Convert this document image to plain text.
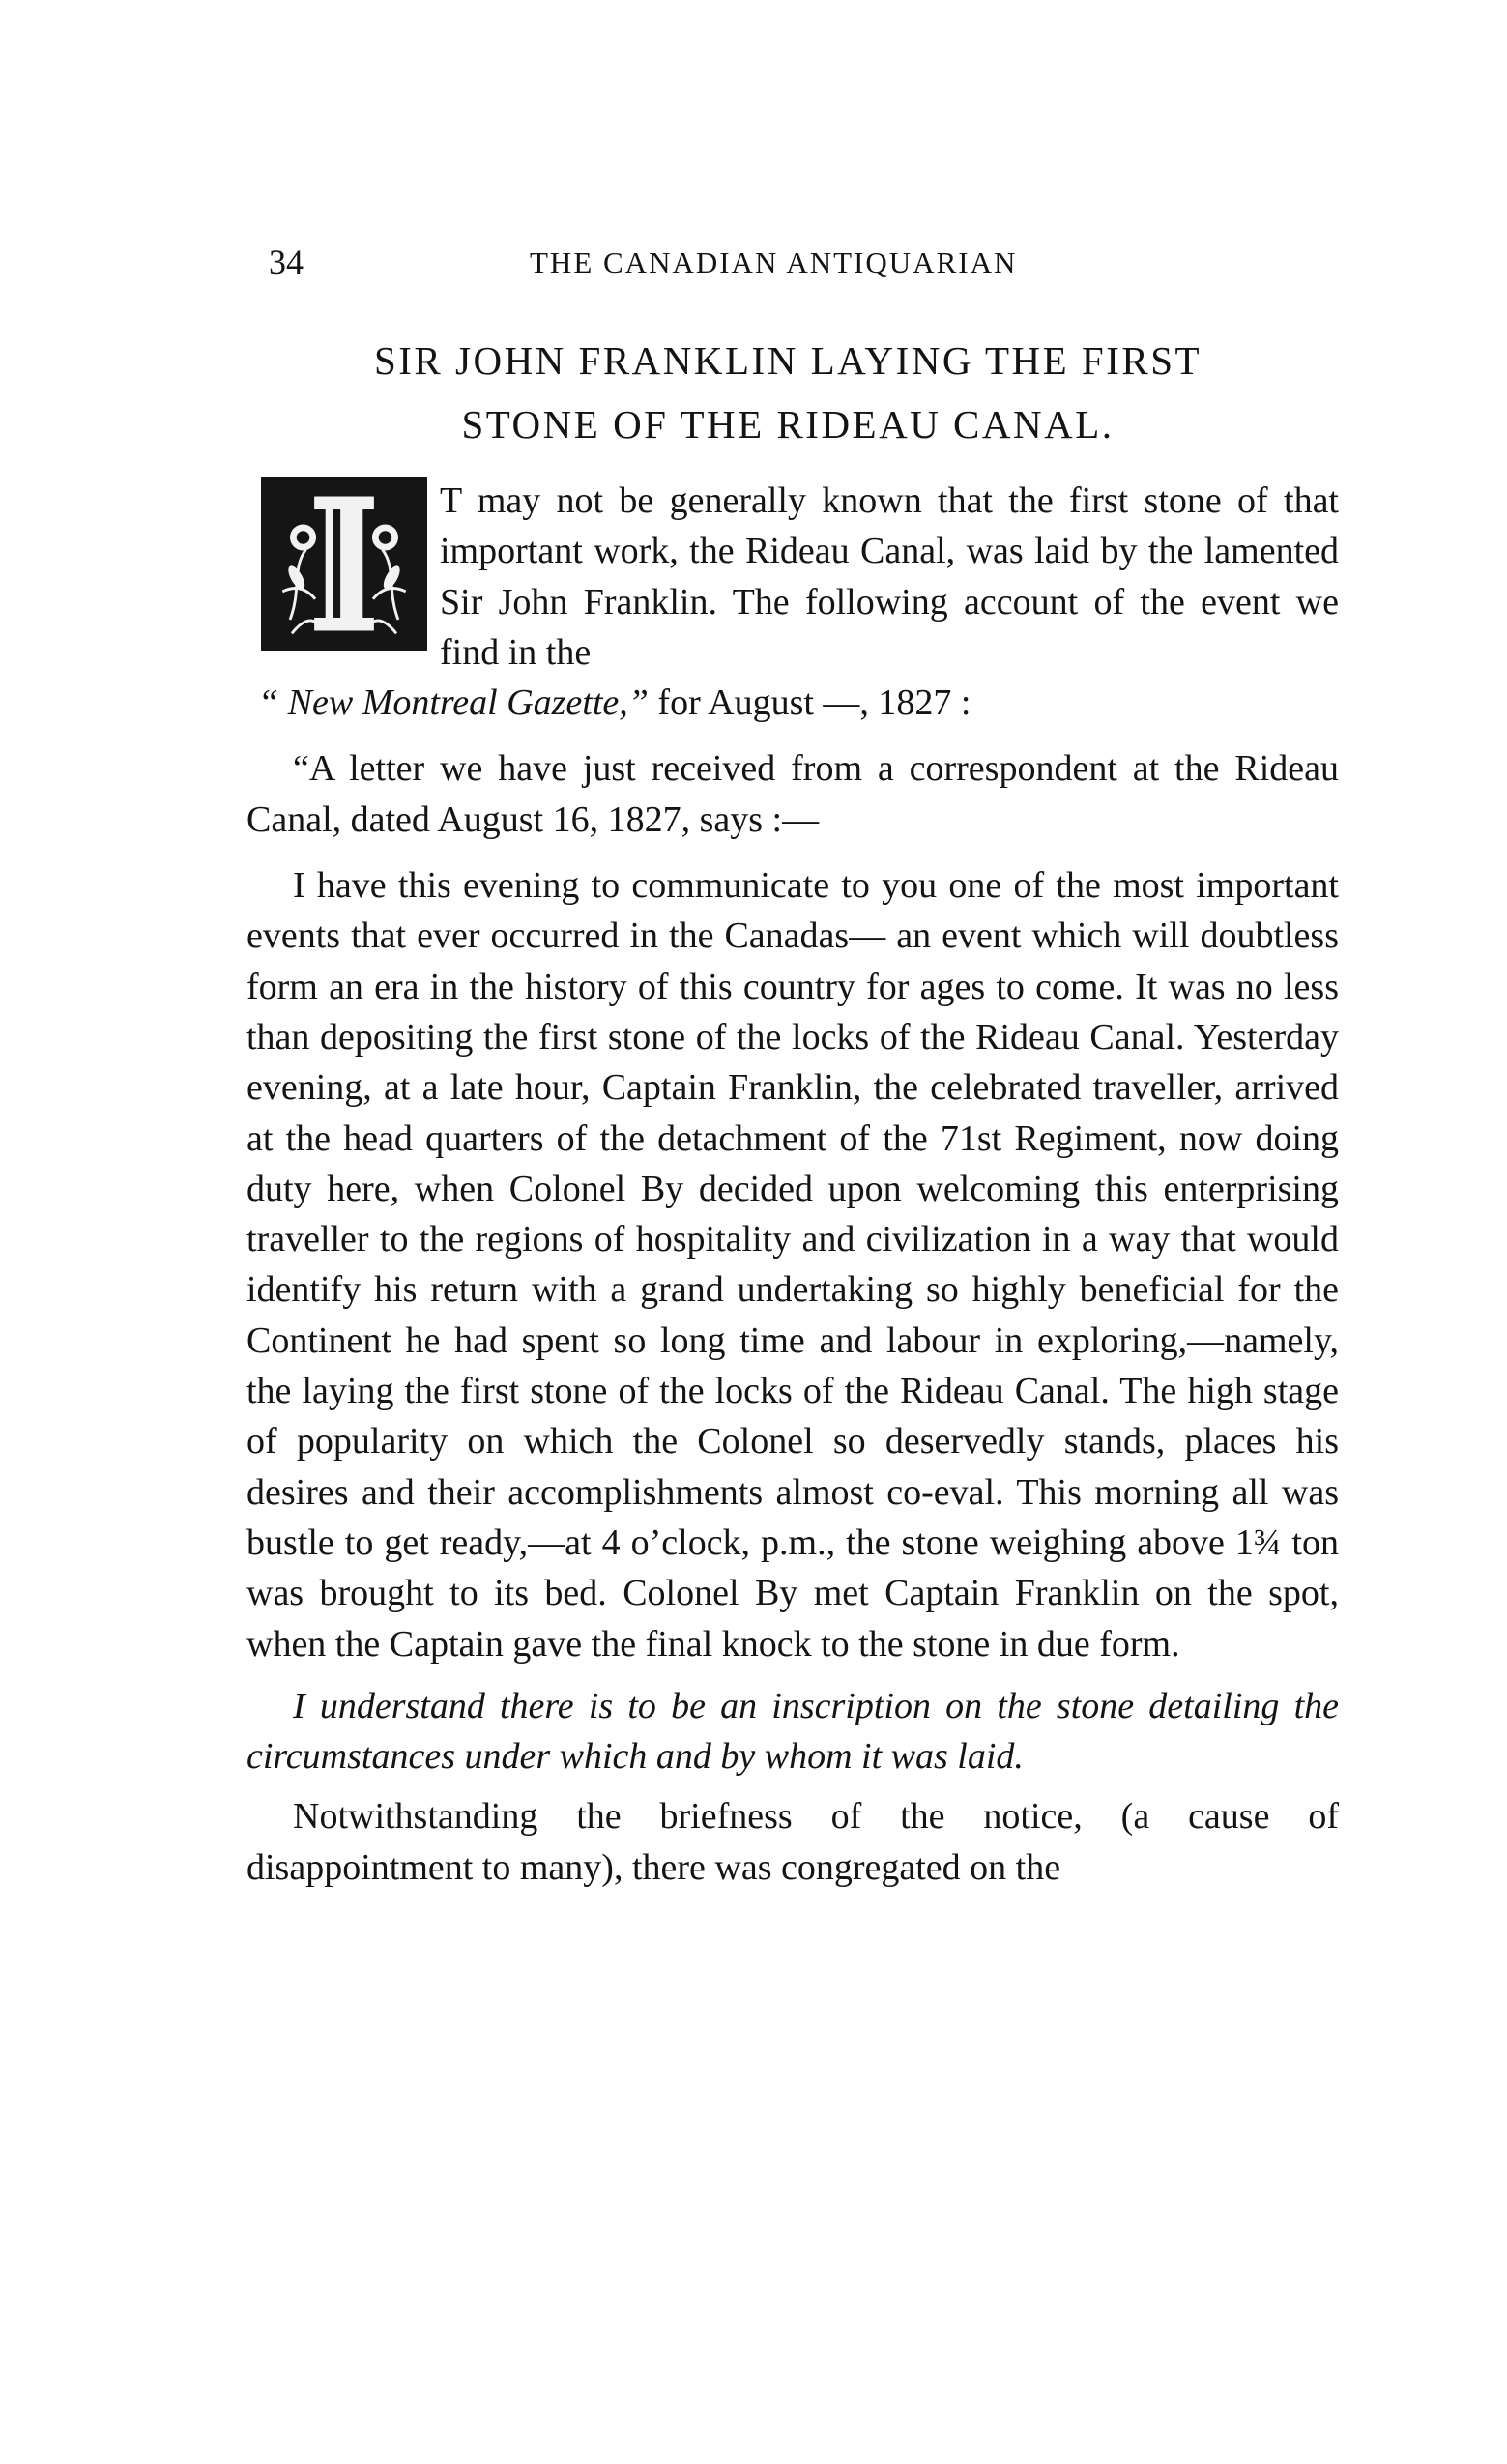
34	THE CANADIAN ANTIQUARIAN
SIR JOHN FRANKLIN LAYING THE FIRST
STONE OF THE RIDEAU CANAL.

T may not be generally known that the first stone of that important work, the Rideau Canal, was laid by the lamented Sir John Franklin. The following account of the event we find in the

“ New Montreal Gazette,” for August —, 1827 :

“A letter we have just received from a correspondent at the Rideau Canal, dated August 16, 1827, says :—

I have this evening to communicate to you one of the most important events that ever occurred in the Canadas— an event which will doubtless form an era in the history of this country for ages to come. It was no less than depositing the first stone of the locks of the Rideau Canal. Yesterday evening, at a late hour, Captain Franklin, the celebrated traveller, arrived at the head quarters of the detachment of the 71st Regiment, now doing duty here, when Colonel By decided upon welcoming this enterprising traveller to the regions of hospitality and civilization in a way that would identify his return with a grand undertaking so highly beneficial for the Continent he had spent so long time and labour in exploring,—namely, the laying the first stone of the locks of the Rideau Canal. The high stage of popularity on which the Colonel so deservedly stands, places his desires and their accomplishments almost co-eval. This morning all was bustle to get ready,—at 4 o’clock, p.m., the stone weighing above 1¾ ton was brought to its bed. Colonel By met Captain Franklin on the spot, when the Captain gave the final knock to the stone in due form.

I understand there is to be an inscription on the stone detailing the circumstances under which and by whom it was laid.

Notwithstanding the briefness of the notice, (a cause of disappointment to many), there was congregated on the
